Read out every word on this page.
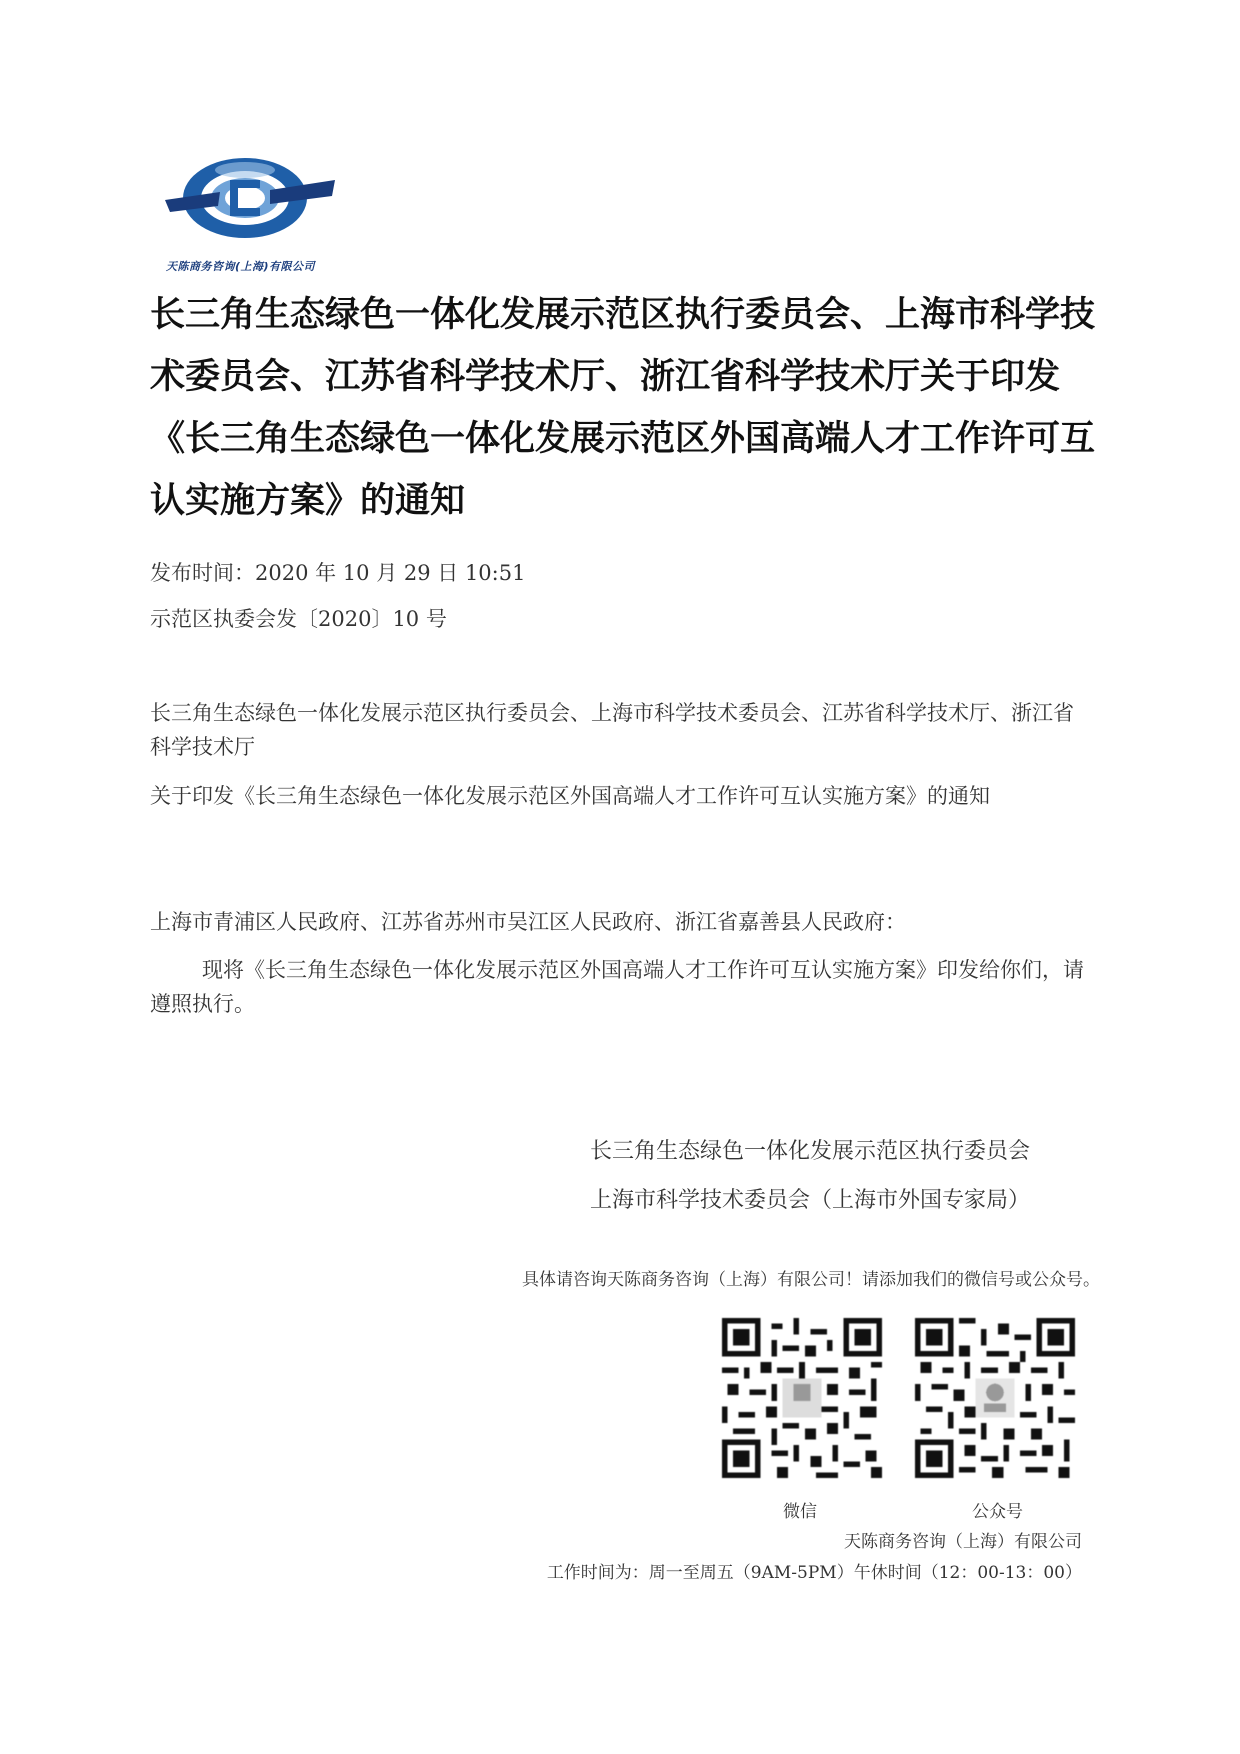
天陈商务咨询(上海)有限公司
长三角生态绿色一体化发展示范区执行委员会、上海市科学技术委员会、江苏省科学技术厅、浙江省科学技术厅关于印发《长三角生态绿色一体化发展示范区外国高端人才工作许可互认实施方案》的通知
发布时间：2020 年 10 月 29 日 10:51
示范区执委会发〔2020〕10 号

长三角生态绿色一体化发展示范区执行委员会、上海市科学技术委员会、江苏省科学技术厅、浙江省科学技术厅

关于印发《长三角生态绿色一体化发展示范区外国高端人才工作许可互认实施方案》的通知

上海市青浦区人民政府、江苏省苏州市吴江区人民政府、浙江省嘉善县人民政府：

现将《长三角生态绿色一体化发展示范区外国高端人才工作许可互认实施方案》印发给你们，请遵照执行。

长三角生态绿色一体化发展示范区执行委员会
上海市科学技术委员会（上海市外国专家局）
具体请咨询天陈商务咨询（上海）有限公司！请添加我们的微信号或公众号。
微信	公众号
天陈商务咨询（上海）有限公司
工作时间为：周一至周五（9AM-5PM）午休时间（12：00-13：00）
